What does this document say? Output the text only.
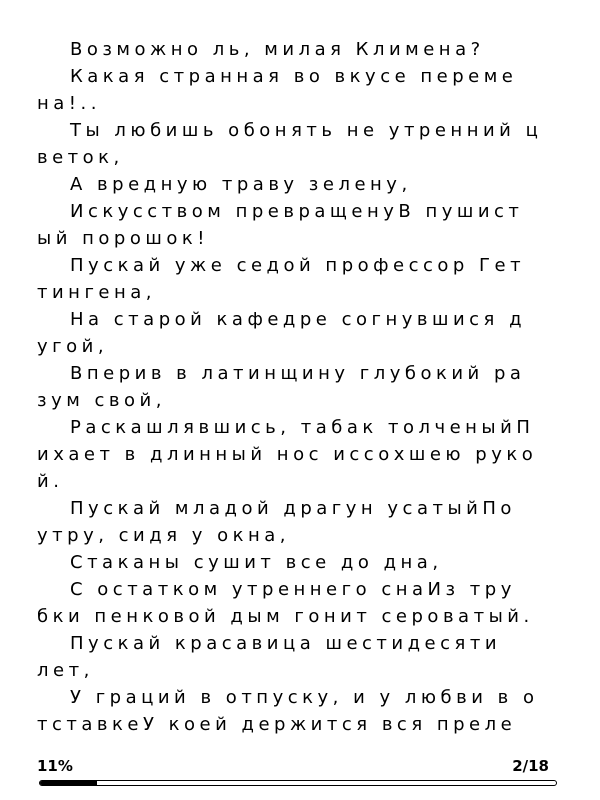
Возможно ль, милая Климена?
Какая странная во вкусе переме
на!..
Ты любишь обонять не утренний ц
веток,
А вредную траву зелену,
Искусством превращенуВ пушист
ый порошок!
Пускай уже седой профессор Гет
тингена,
На старой кафедре согнувшися д
угой,
Вперив в латинщину глубокий ра
зум свой,
Раскашлявшись, табак толченыйП
ихает в длинный нос иссохшею руко
й.
Пускай младой драгун усатыйПо
утру, сидя у окна,
Стаканы сушит все до дна,
С остатком утреннего снаИз тру
бки пенковой дым гонит сероватый.
Пускай красавица шестидесяти
лет,
У граций в отпуску, и у любви в о
тставкеУ коей держится вся преле
11%	2/18
